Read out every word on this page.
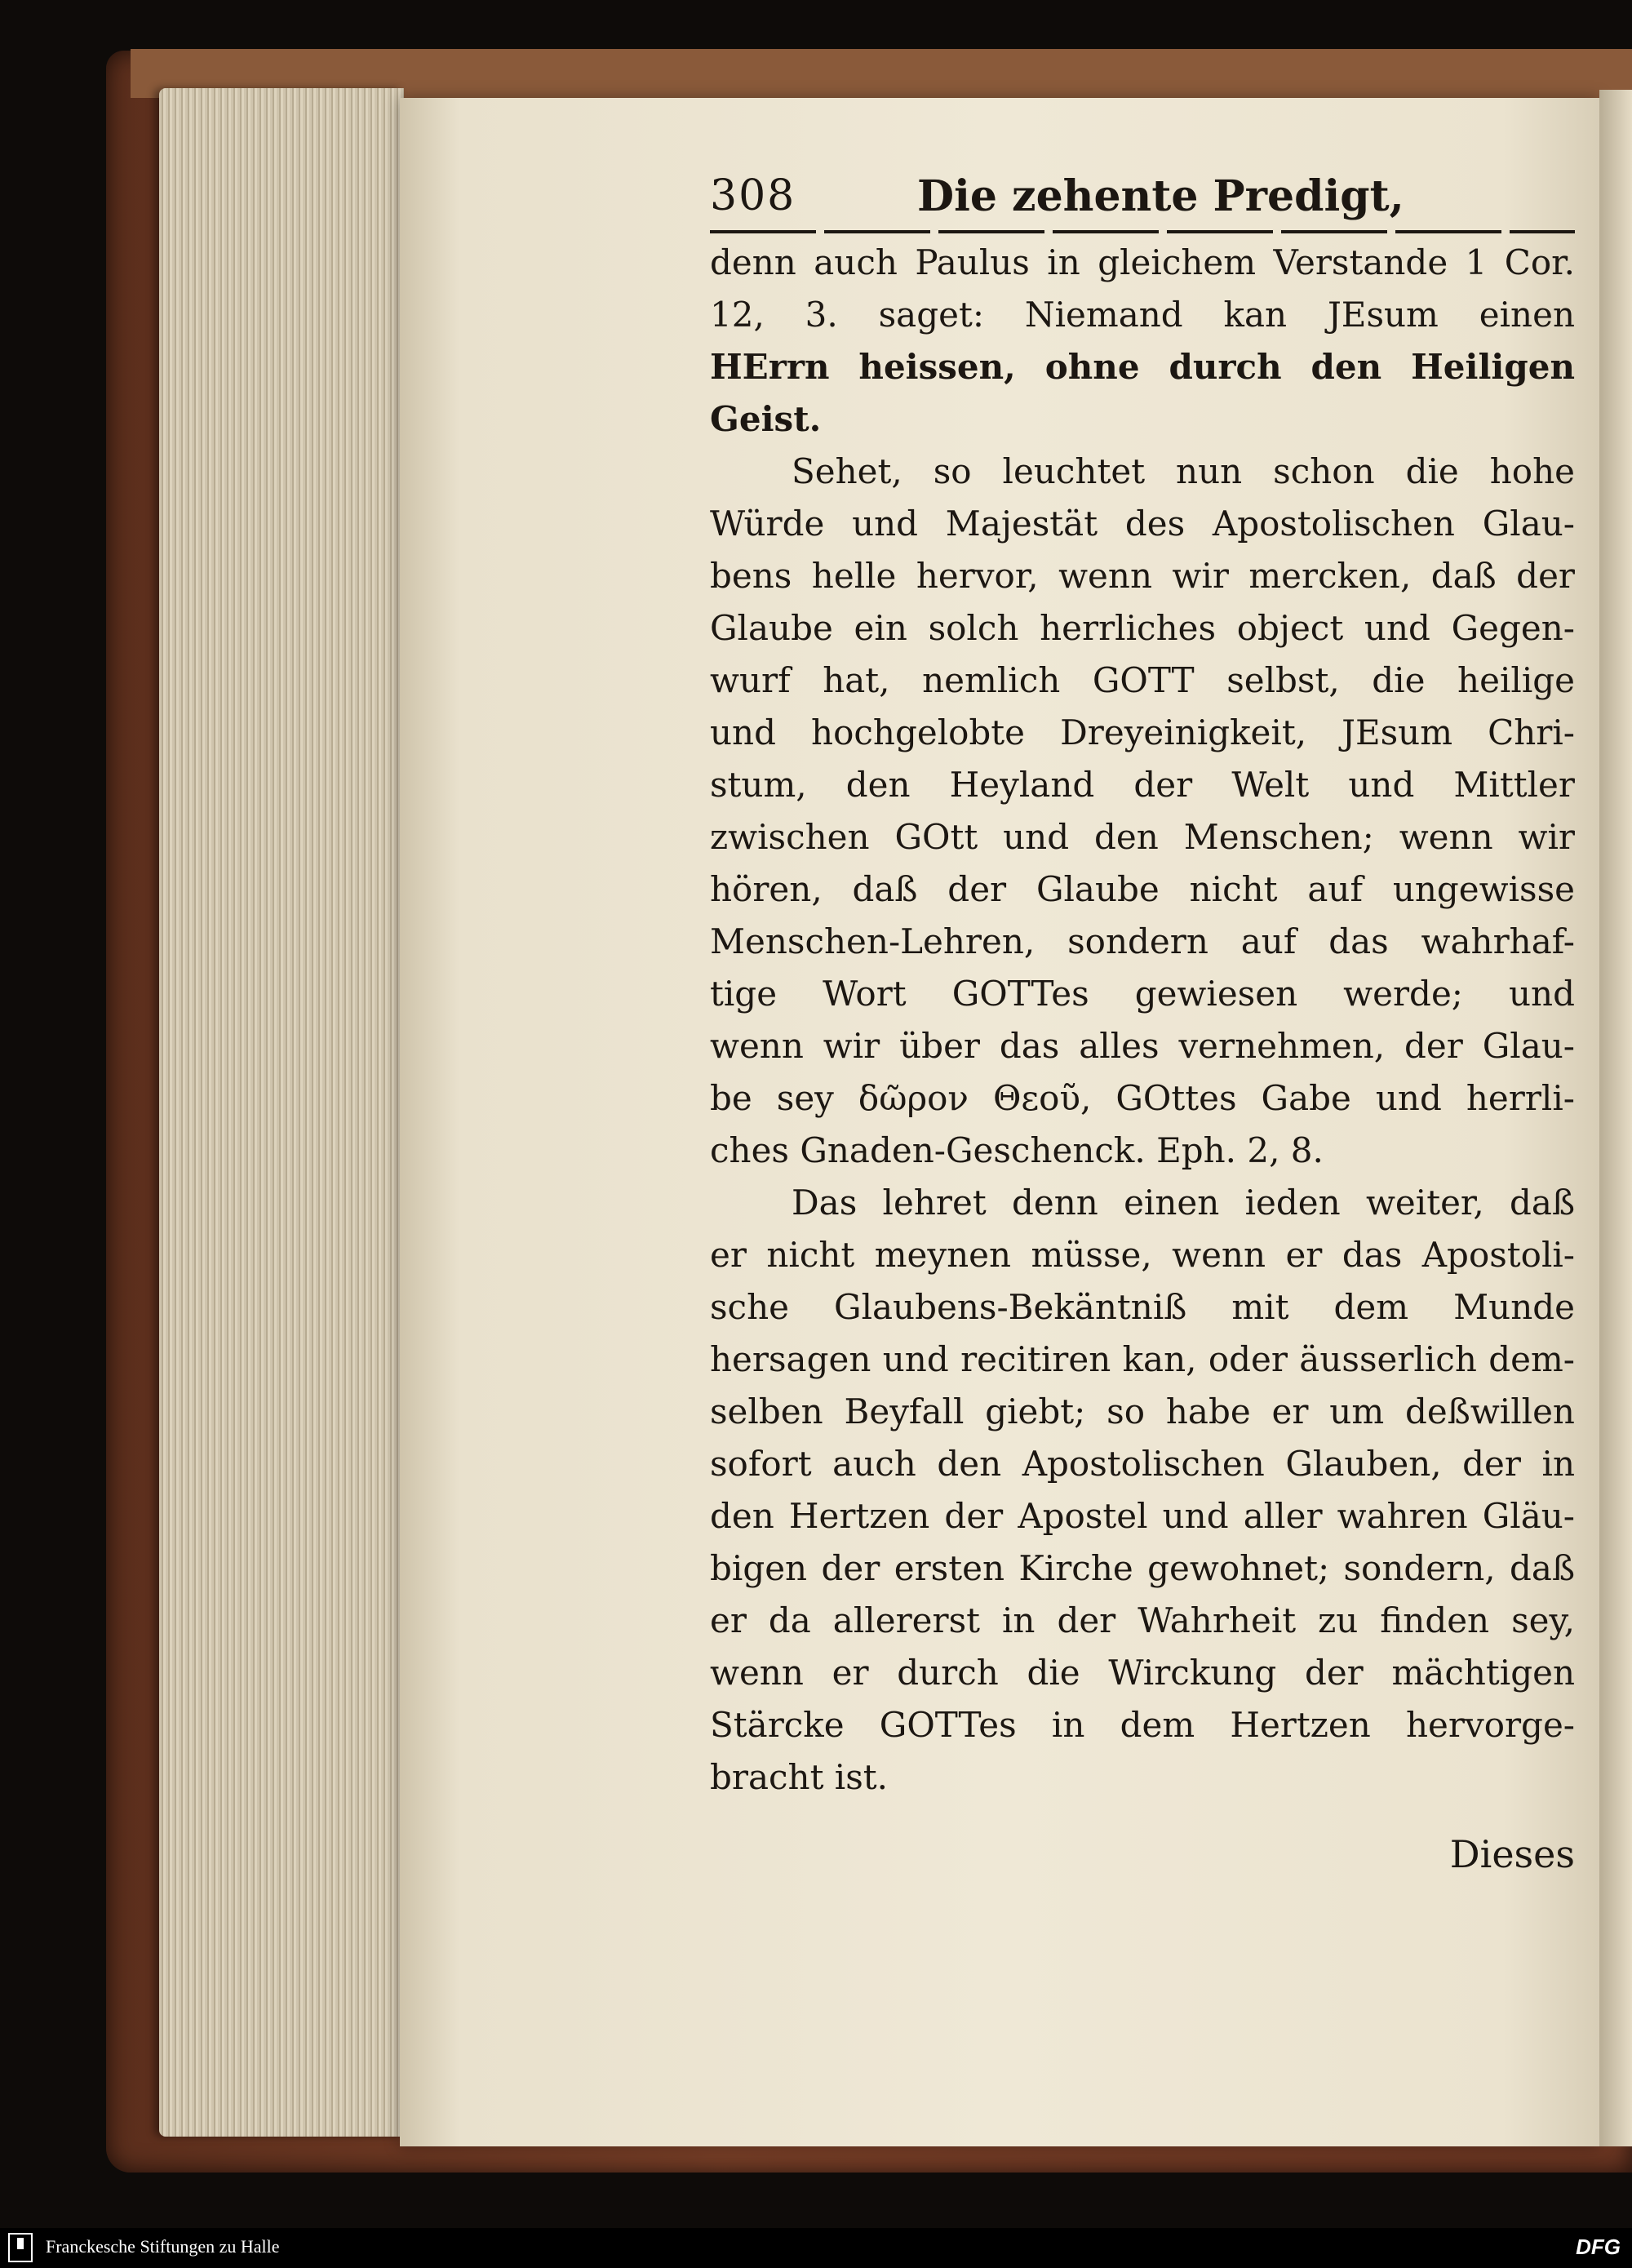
308	Die zehente Predigt,
denn auch Paulus in gleichem Verstande 1 Cor.
12, 3. saget: Niemand kan JEsum einen
HErrn heissen, ohne durch den Heiligen
Geist.
Sehet, so leuchtet nun schon die hohe
Würde und Majestät des Apostolischen Glau-
bens helle hervor, wenn wir mercken, daß der
Glaube ein solch herrliches object und Gegen-
wurf hat, nemlich GOTT selbst, die heilige
und hochgelobte Dreyeinigkeit, JEsum Chri-
stum, den Heyland der Welt und Mittler
zwischen GOtt und den Menschen; wenn wir
hören, daß der Glaube nicht auf ungewisse
Menschen-Lehren, sondern auf das wahrhaf-
tige Wort GOTTes gewiesen werde; und
wenn wir über das alles vernehmen, der Glau-
be sey δῶρον Θεοῦ, GOttes Gabe und herrli-
ches Gnaden-Geschenck. Eph. 2, 8.
Das lehret denn einen ieden weiter, daß
er nicht meynen müsse, wenn er das Apostoli-
sche Glaubens-Bekäntniß mit dem Munde
hersagen und recitiren kan, oder äusserlich dem-
selben Beyfall giebt; so habe er um deßwillen
sofort auch den Apostolischen Glauben, der in
den Hertzen der Apostel und aller wahren Gläu-
bigen der ersten Kirche gewohnet; sondern, daß
er da allererst in der Wahrheit zu finden sey,
wenn er durch die Wirckung der mächtigen
Stärcke GOTTes in dem Hertzen hervorge-
bracht ist.
Dieses
Franckesche Stiftungen zu Halle	DFG
